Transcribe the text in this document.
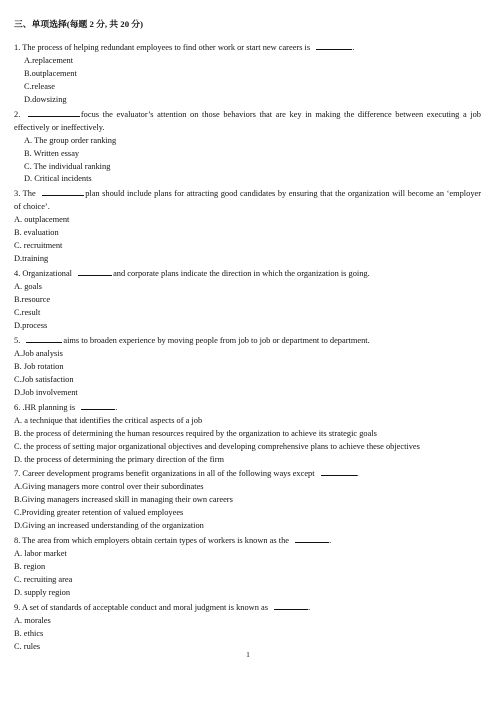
三、单项选择(每题 2 分, 共 20 分)
1. The process of helping redundant employees to find other work or start new careers is	.
A.replacement
B.outplacement
C.release
D.dowsizing
2.	focus the evaluator’s attention on those behaviors that are key in making the difference between executing a job effectively or ineffectively.
A. The group order ranking
B. Written essay
C. The individual ranking
D. Critical incidents
3. The	plan should include plans for attracting good candidates by ensuring that the organization will become an ‘employer of choice’.
A. outplacement
B. evaluation
C. recruitment
D.training
4. Organizational	and corporate plans indicate the direction in which the organization is going.
A. goals
B.resource
C.result
D.process
5.	aims to broaden experience by moving people from job to job or department to department.
A.Job analysis
B. Job rotation
C.Job satisfaction
D.Job involvement
6. .HR planning is	.
A. a technique that identifies the critical aspects of a job
B. the process of determining the human resources required by the organization to achieve its strategic goals
C. the process of setting major organizational objectives and developing comprehensive plans to achieve these objectives
D. the process of determining the primary direction of the firm
7. Career development programs benefit organizations in all of the following ways except	.
A.Giving managers more control over their subordinates
B.Giving managers increased skill in managing their own careers
C.Providing greater retention of valued employees
D.Giving an increased understanding of the organization
8. The area from which employers obtain certain types of workers is known as the	.
A. labor market
B. region
C. recruiting area
D. supply region
9. A set of standards of acceptable conduct and moral judgment is known as	.
A. morales
B. ethics
C. rules
1
